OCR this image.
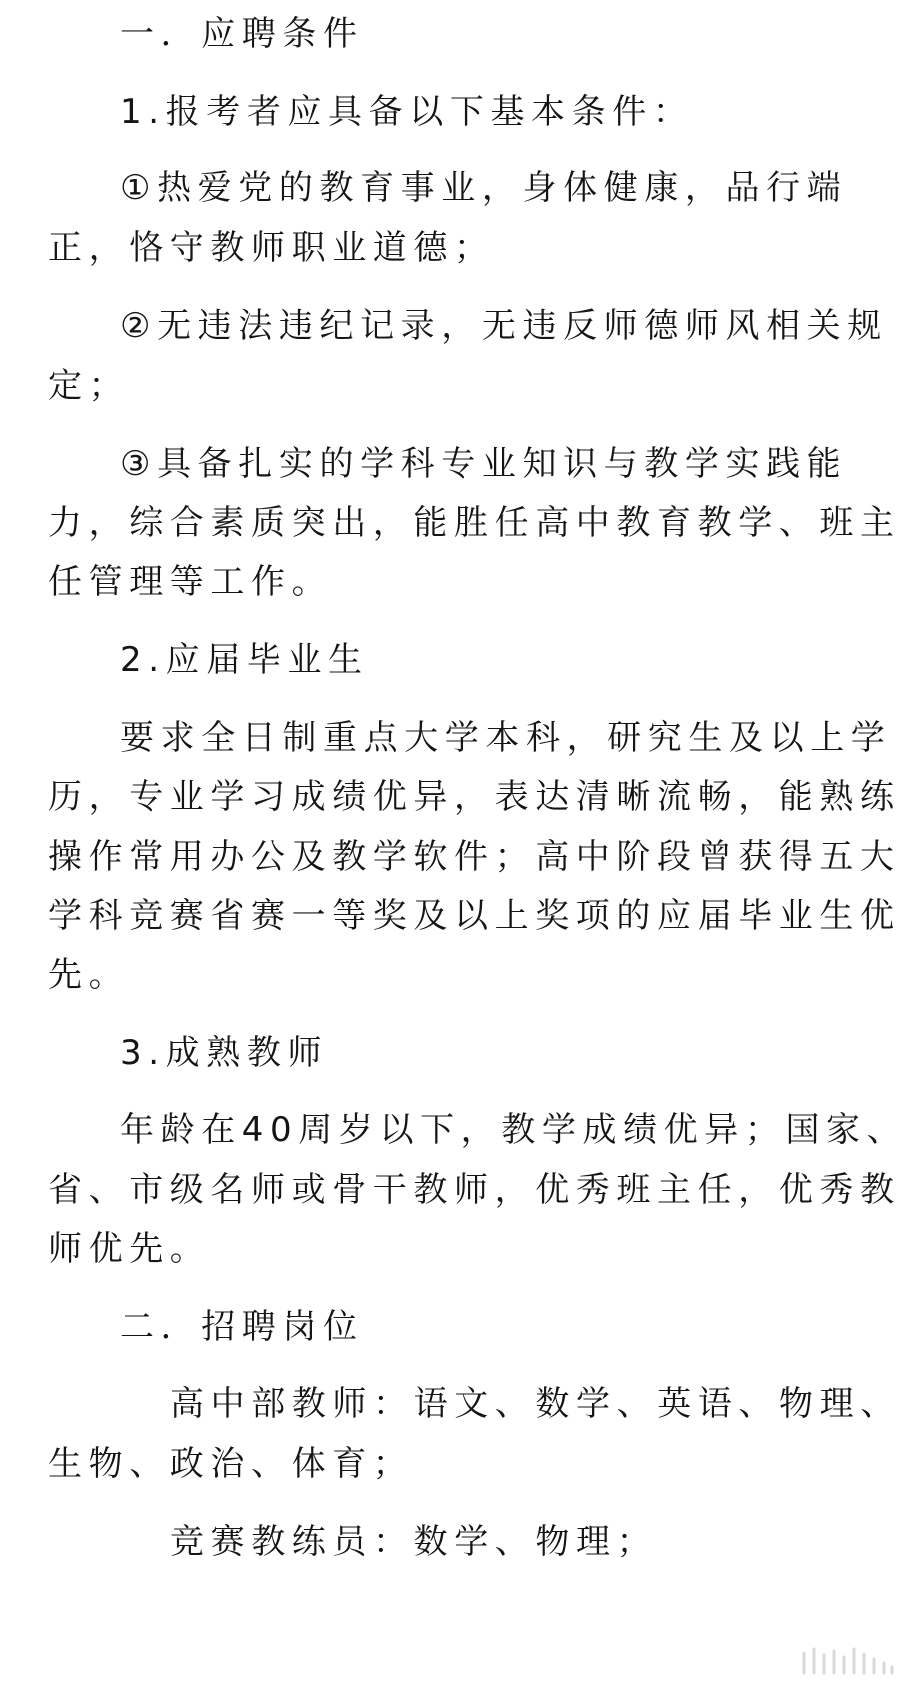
一．应聘条件
1.报考者应具备以下基本条件：
①热爱党的教育事业，身体健康，品行端
正，恪守教师职业道德；
②无违法违纪记录，无违反师德师风相关规
定；
③具备扎实的学科专业知识与教学实践能
力，综合素质突出，能胜任高中教育教学、班主
任管理等工作。
2.应届毕业生
要求全日制重点大学本科，研究生及以上学
历，专业学习成绩优异，表达清晰流畅，能熟练
操作常用办公及教学软件；高中阶段曾获得五大
学科竞赛省赛一等奖及以上奖项的应届毕业生优
先。
3.成熟教师
年龄在40周岁以下，教学成绩优异；国家、
省、市级名师或骨干教师，优秀班主任，优秀教
师优先。
二．招聘岗位
高中部教师：语文、数学、英语、物理、
生物、政治、体育；
竞赛教练员：数学、物理；
